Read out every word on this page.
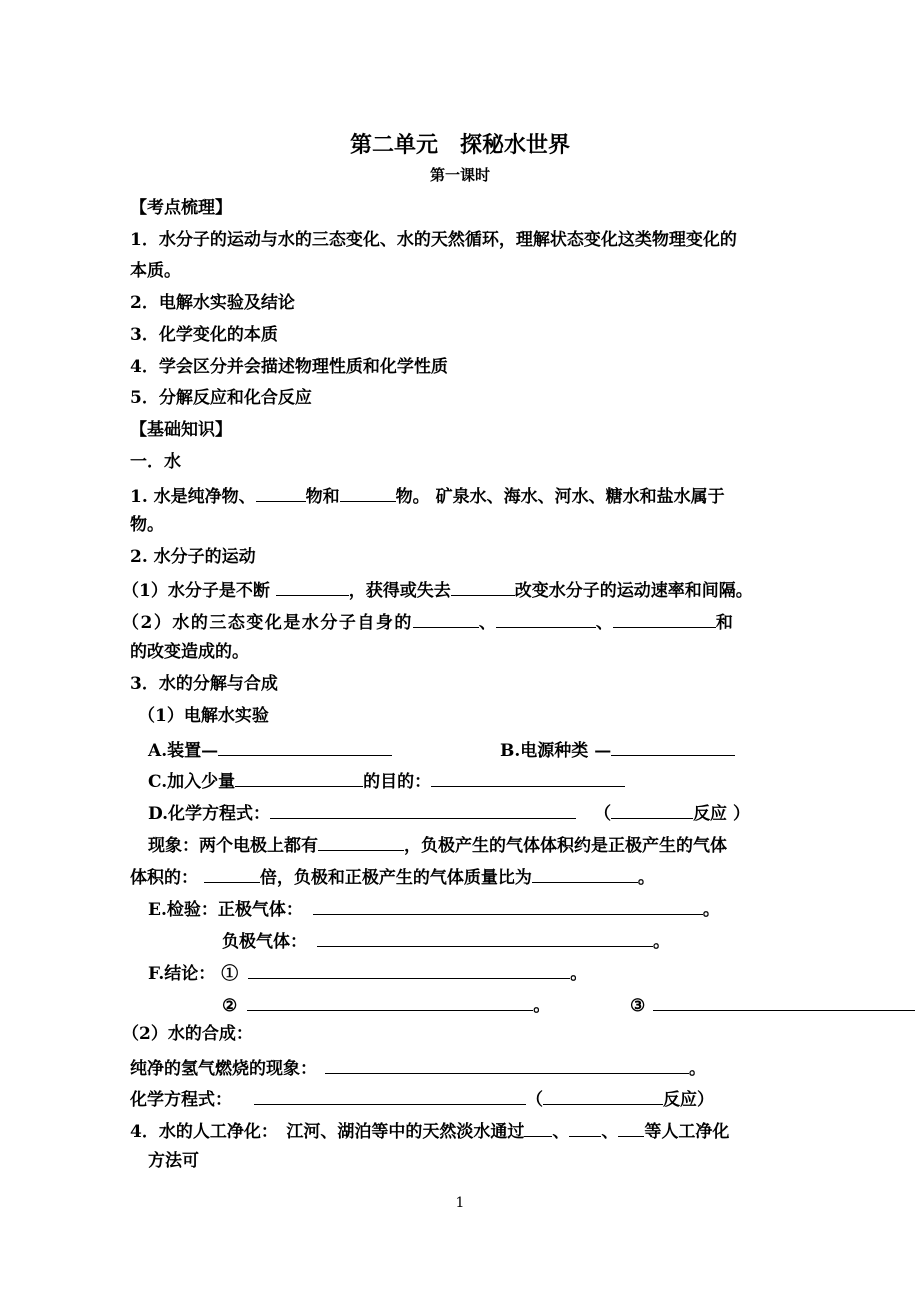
第二单元　探秘水世界
第一课时
【考点梳理】
1．水分子的运动与水的三态变化、水的天然循环，理解状态变化这类物理变化的
本质。
2．电解水实验及结论
3．化学变化的本质
4．学会区分并会描述物理性质和化学性质
5．分解反应和化合反应
【基础知识】
一．水
1. 水是纯净物、	物和	物。 矿泉水、海水、河水、糖水和盐水属于
物。
2. 水分子的运动
（1）水分子是不断	，获得或失去	改变水分子的运动速率和间隔。
（2）水的三态变化是水分子自身的	、	、	和
的改变造成的。
3．水的分解与合成
（1）电解水实验
A.装置—	B.电源种类 —
C.加入少量	的目的：
D.化学方程式：	（	反应 ）
现象：两个电极上都有	，负极产生的气体体积约是正极产生的气体
体积的：	倍，负极和正极产生的气体质量比为	。
E.检验：正极气体：	。
负极气体：	。
F.结论： ①	。
②	。	③
（2）水的合成：
纯净的氢气燃烧的现象：	。
化学方程式：	（	反应）
4．水的人工净化：　江河、湖泊等中的天然淡水通过 、 、 等人工净化
方法可
1
